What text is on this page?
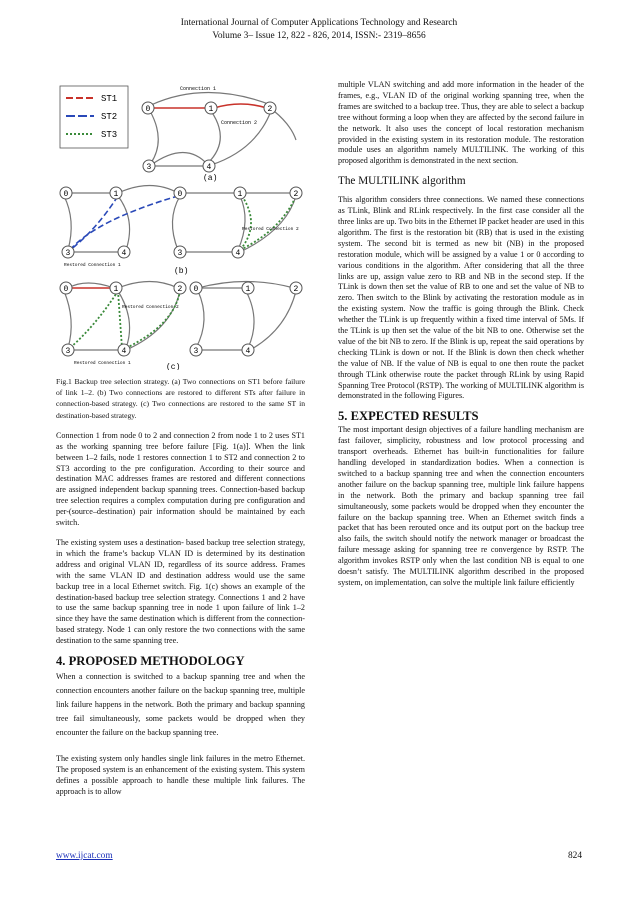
International Journal of Computer Applications Technology and Research
Volume 3– Issue 12, 822 - 826, 2014, ISSN:- 2319–8656
ST1
ST2
ST3
0	1	2
3	4
Connection 1
Connection 2
(a)
0	1	0	1	2
3	4	3	4
Restored Connection 1
Restored Connection 2
(b)
0	1	2
3	4
0	1	2
3	4
Restored Connection 2
Restored Connection 1	(c)
Fig.1 Backup tree selection strategy. (a) Two connections on ST1 before failure of link 1–2. (b) Two connections are restored to different STs after failure in connection-based strategy. (c) Two connections are restored to the same ST in destination-based strategy.

Connection 1 from node 0 to 2 and connection 2 from node 1 to 2 uses ST1 as the working spanning tree before failure [Fig. 1(a)]. When the link between 1–2 fails, node 1 restores connection 1 to ST2 and connection 2 to ST3 according to the pre configuration. According to their source and destination MAC addresses frames are restored and different connections are assigned independent backup spanning trees. Connection-based backup tree selection requires a complex computation during pre configuration and per-(source–destination) pair information should be maintained by each switch.

The existing system uses a destination- based backup tree selection strategy, in which the frame’s backup VLAN ID is determined by its destination address and original VLAN ID, regardless of its source address. Frames with the same VLAN ID and destination address would use the same backup tree in a local Ethernet switch. Fig. 1(c) shows an example of the destination-based backup tree selection strategy. Connections 1 and 2 have to use the same backup spanning tree in node 1 upon failure of link 1–2 since they have the same destination which is different from the connection-based strategy. Node 1 can only restore the two connections with the same destination to the same spanning tree.

4. PROPOSED METHODOLOGY

When a connection is switched to a backup spanning tree and when the connection encounters another failure on the backup spanning tree, multiple link failure happens in the network. Both the primary and backup spanning tree fail simultaneously, some packets would be dropped when they encounter the failure on the backup spanning tree.

The existing system only handles single link failures in the metro Ethernet. The proposed system is an enhancement of the existing system. This system defines a possible approach to handle these multiple link failures. The approach is to allow

multiple VLAN switching and add more information in the header of the frames, e.g., VLAN ID of the original working spanning tree, when the frames are switched to a backup tree. Thus, they are able to select a backup tree without forming a loop when they are affected by the second failure in the network. It also uses the concept of local restoration mechanism provided in the existing system in its restoration module. The restoration module uses an algorithm namely MULTILINK. The working of this proposed algorithm is demonstrated in the next section.

The MULTILINK algorithm

This algorithm considers three connections. We named these connections as TLink, Blink and RLink respectively. In the first case consider all the three links are up. Two bits in the Ethernet IP packet header are used in this algorithm. The first is the restoration bit (RB) that is used in the existing system. The second bit is termed as new bit (NB) in the proposed restoration module, which will be assigned by a value 1 or 0 according to various conditions in the algorithm. After considering that all the three links are up, assign value zero to RB and NB in the second step. If the TLink is down then set the value of RB to one and set the value of NB to zero. Then switch to the Blink by activating the restoration module as in the existing system. Now the traffic is going through the Blink. Check whether the TLink is up frequently within a fixed time interval of 5Ms. If the TLink is up then set the value of the bit NB to one. Otherwise set the value of the bit NB to zero. If the Blink is up, repeat the said operations by checking TLink is down or not. If the Blink is down then check whether the value of NB. If the value of NB is equal to one then route the packet through TLink otherwise route the packet through RLink by using Rapid Spanning Tree Protocol (RSTP). The working of MULTILINK algorithm is demonstrated in the following Figures.

5. EXPECTED RESULTS

The most important design objectives of a failure handling mechanism are fast failover, simplicity, robustness and low protocol processing and transport overheads. Ethernet has built-in functionalities for failure handling developed in standardization bodies. When a connection is switched to a backup spanning tree and when the connection encounters another failure on the backup spanning tree, multiple link failure happens in the network. Both the primary and backup spanning tree fail simultaneously, some packets would be dropped when they encounter the failure on the backup spanning tree. When an Ethernet switch finds a packet that has been rerouted once and its output port on the backup tree also fails, the switch should notify the network manager or broadcast the failure message asking for spanning tree re convergence by RSTP. The algorithm invokes RSTP only when the last condition NB is equal to one doesn’t satisfy. The MULTILINK algorithm described in the proposed system, on implementation, can solve the multiple link failure efficiently

www.ijcat.com	824
